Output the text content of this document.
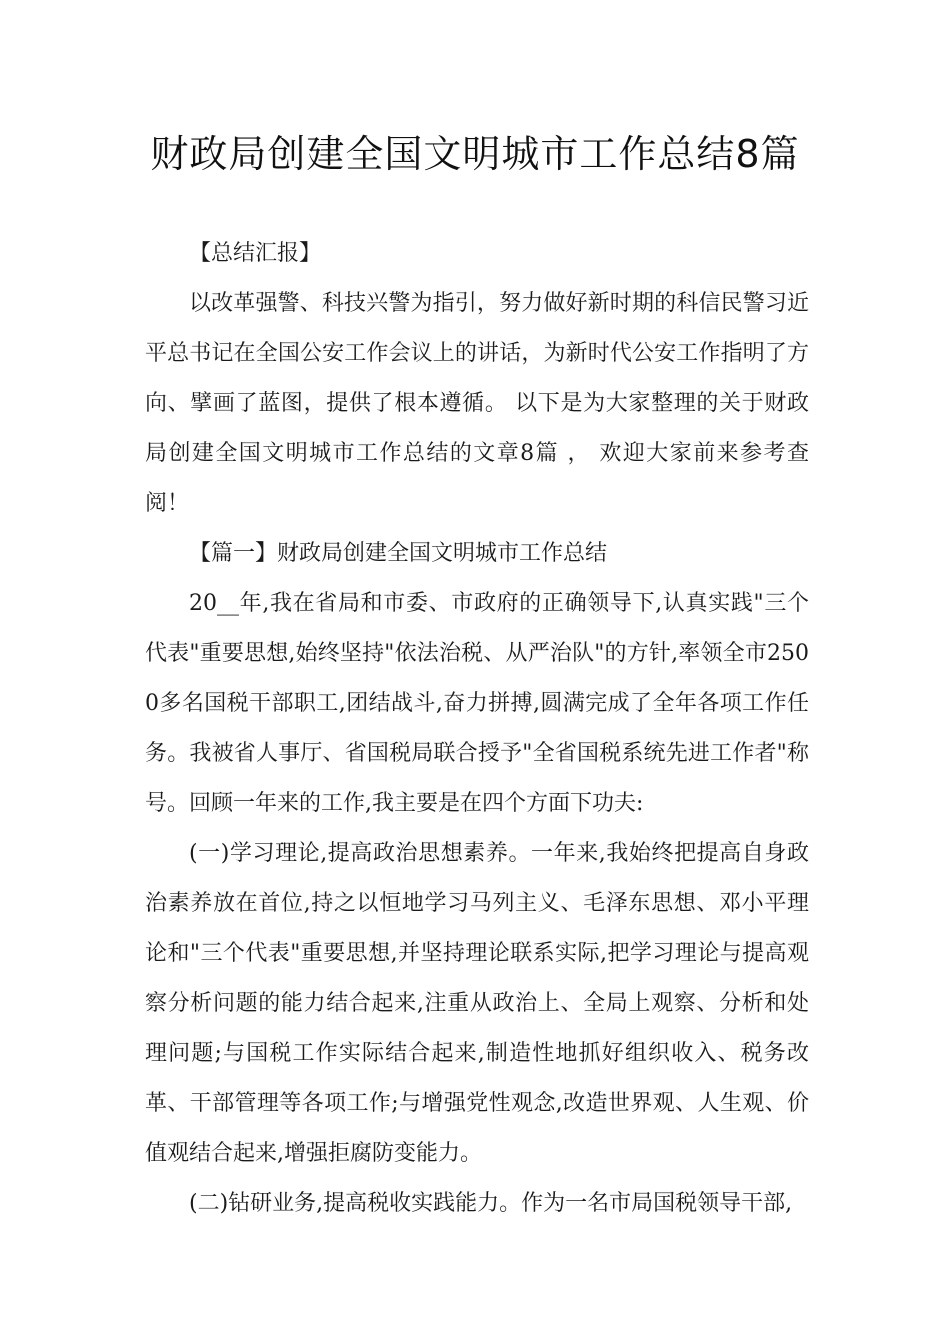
财政局创建全国文明城市工作总结8篇

【总结汇报】

以改革强警、科技兴警为指引，努力做好新时期的科信民警习近平总书记在全国公安工作会议上的讲话，为新时代公安工作指明了方向、擘画了蓝图，提供了根本遵循。 以下是为大家整理的关于财政局创建全国文明城市工作总结的文章8篇 ， 欢迎大家前来参考查阅！

【篇一】财政局创建全国文明城市工作总结

20__年,我在省局和市委、市政府的正确领导下,认真实践"三个代表"重要思想,始终坚持"依法治税、从严治队"的方针,率领全市2500多名国税干部职工,团结战斗,奋力拼搏,圆满完成了全年各项工作任务。我被省人事厅、省国税局联合授予"全省国税系统先进工作者"称号。回顾一年来的工作,我主要是在四个方面下功夫:

(一)学习理论,提高政治思想素养。一年来,我始终把提高自身政治素养放在首位,持之以恒地学习马列主义、毛泽东思想、邓小平理论和"三个代表"重要思想,并坚持理论联系实际,把学习理论与提高观察分析问题的能力结合起来,注重从政治上、全局上观察、分析和处理问题;与国税工作实际结合起来,制造性地抓好组织收入、税务改革、干部管理等各项工作;与增强党性观念,改造世界观、人生观、价值观结合起来,增强拒腐防变能力。

(二)钻研业务,提高税收实践能力。作为一名市局国税领导干部,
